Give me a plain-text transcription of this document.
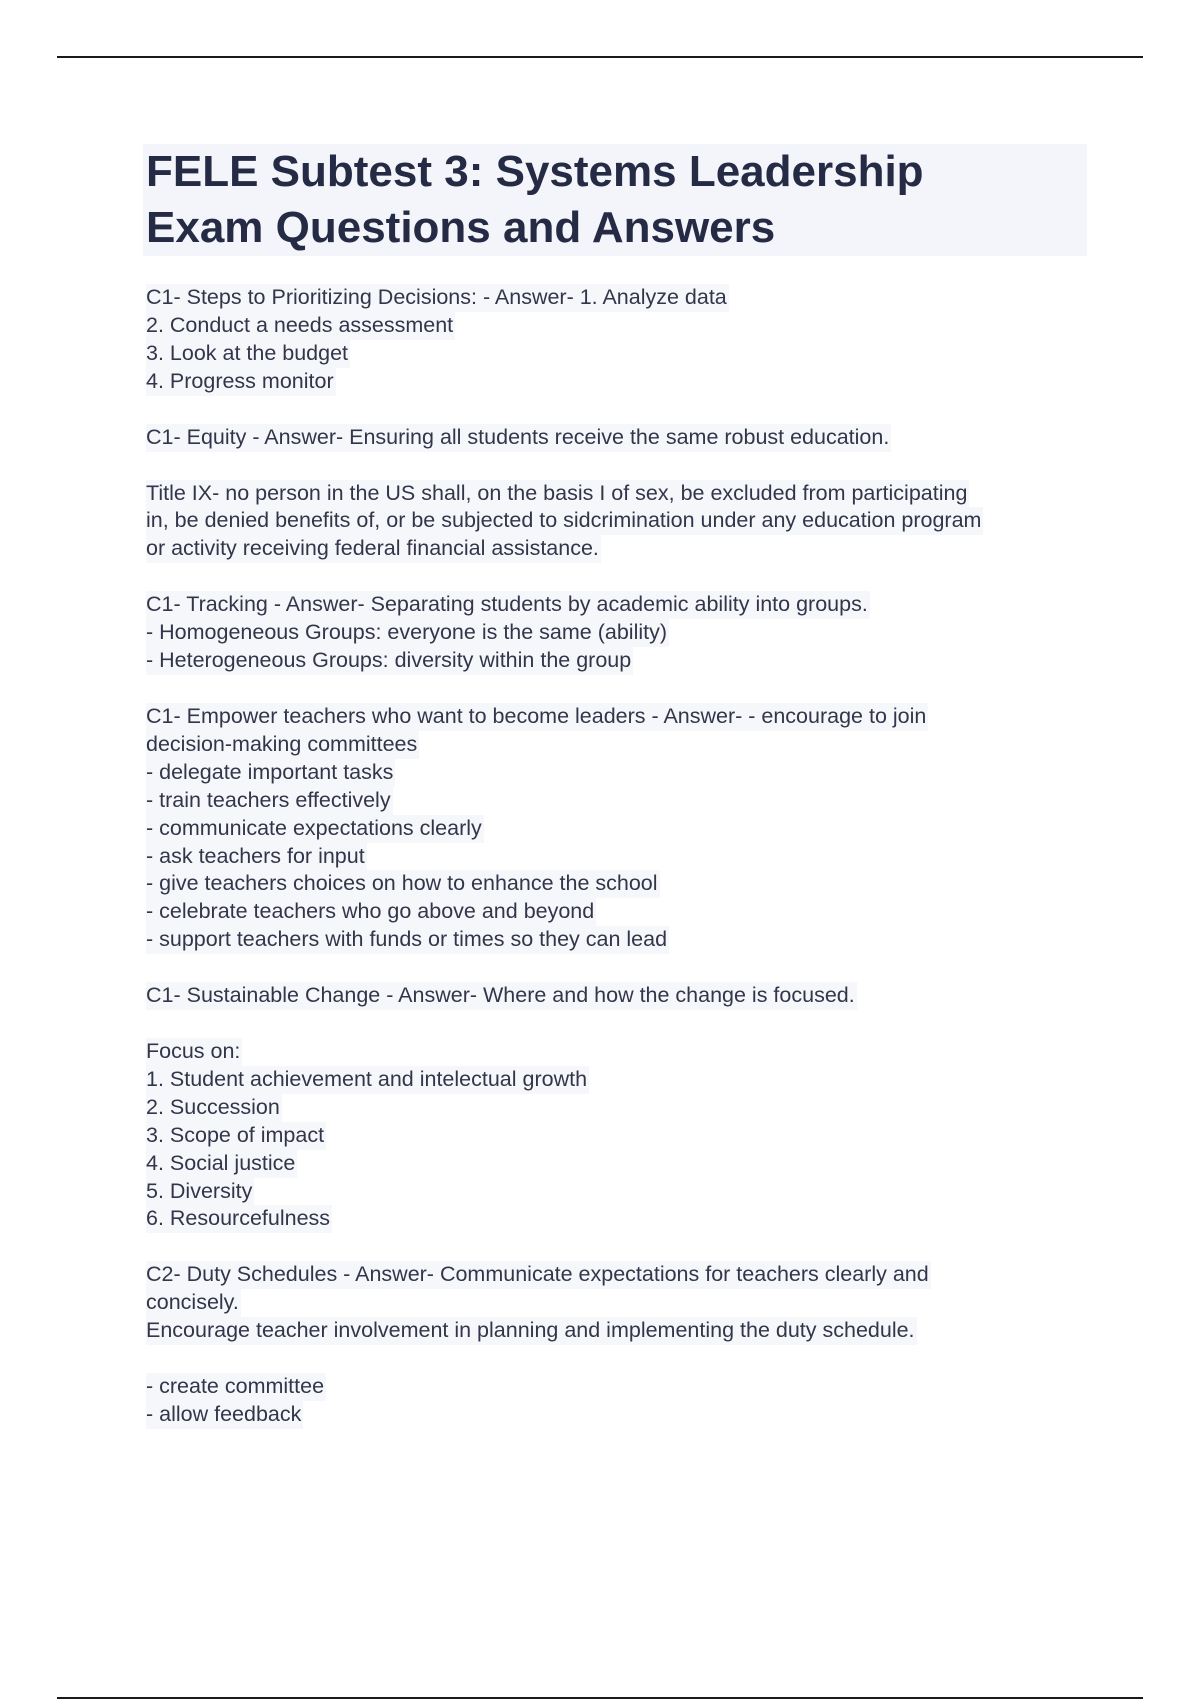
FELE Subtest 3: Systems Leadership
Exam Questions and Answers
C1- Steps to Prioritizing Decisions: - Answer- 1. Analyze data
2. Conduct a needs assessment
3. Look at the budget
4. Progress monitor
C1- Equity - Answer- Ensuring all students receive the same robust education.
Title IX- no person in the US shall, on the basis I of sex, be excluded from participating
in, be denied benefits of, or be subjected to sidcrimination under any education program
or activity receiving federal financial assistance.
C1- Tracking - Answer- Separating students by academic ability into groups.
- Homogeneous Groups: everyone is the same (ability)
- Heterogeneous Groups: diversity within the group
C1- Empower teachers who want to become leaders - Answer- - encourage to join
decision-making committees
- delegate important tasks
- train teachers effectively
- communicate expectations clearly
- ask teachers for input
- give teachers choices on how to enhance the school
- celebrate teachers who go above and beyond
- support teachers with funds or times so they can lead
C1- Sustainable Change - Answer- Where and how the change is focused.
Focus on:
1. Student achievement and intelectual growth
2. Succession
3. Scope of impact
4. Social justice
5. Diversity
6. Resourcefulness
C2- Duty Schedules - Answer- Communicate expectations for teachers clearly and
concisely.
Encourage teacher involvement in planning and implementing the duty schedule.
- create committee
- allow feedback
